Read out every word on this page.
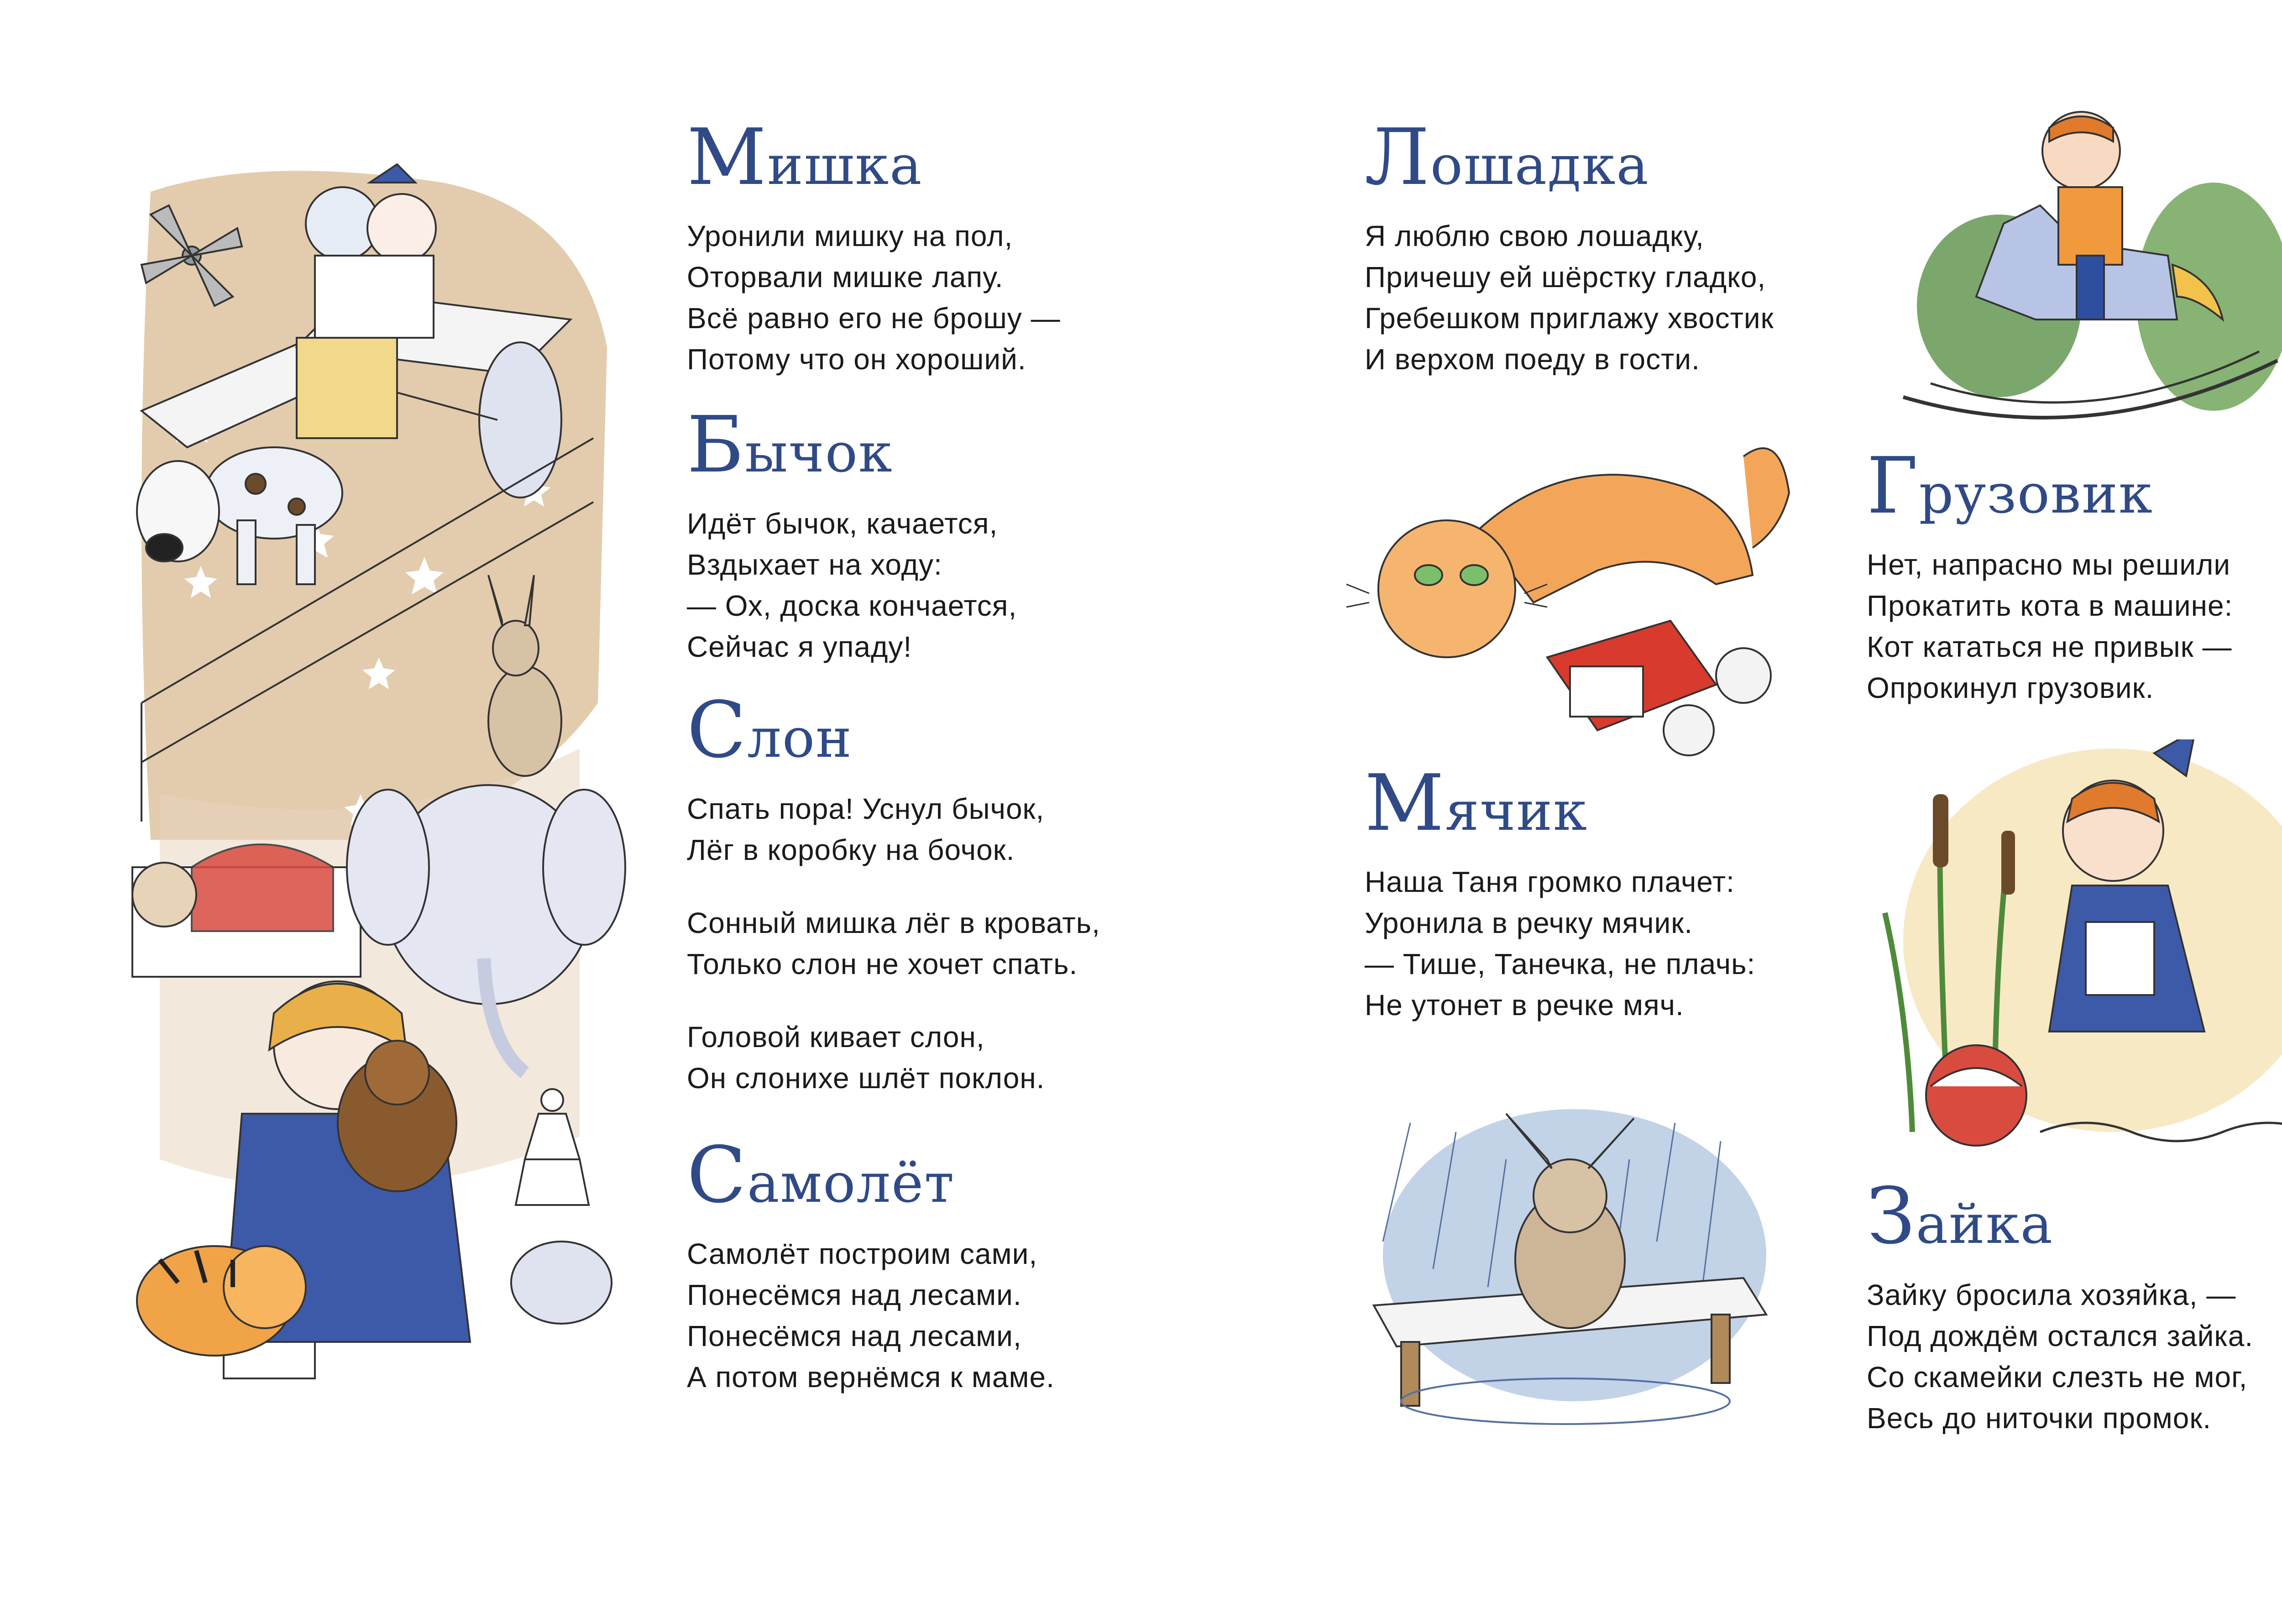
Мишка
Уронили мишку на пол,
Оторвали мишке лапу.
Всё равно его не брошу —
Потому что он хороший.
Бычок
Идёт бычок, качается,
Вздыхает на ходу:
— Ох, доска кончается,
Сейчас я упаду!
Слон
Спать пора! Уснул бычок,
Лёг в коробку на бочок.
Сонный мишка лёг в кровать,
Только слон не хочет спать.
Головой кивает слон,
Он слонихе шлёт поклон.
Самолёт
Самолёт построим сами,
Понесёмся над лесами.
Понесёмся над лесами,
А потом вернёмся к маме.
Лошадка
Я люблю свою лошадку,
Причешу ей шёрстку гладко,
Гребешком приглажу хвостик
И верхом поеду в гости.
Мячик
Наша Таня громко плачет:
Уронила в речку мячик.
— Тише, Танечка, не плачь:
Не утонет в речке мяч.
Грузовик
Нет, напрасно мы решили
Прокатить кота в машине:
Кот кататься не привык —
Опрокинул грузовик.
Зайка
Зайку бросила хозяйка, —
Под дождём остался зайка.
Со скамейки слезть не мог,
Весь до ниточки промок.
